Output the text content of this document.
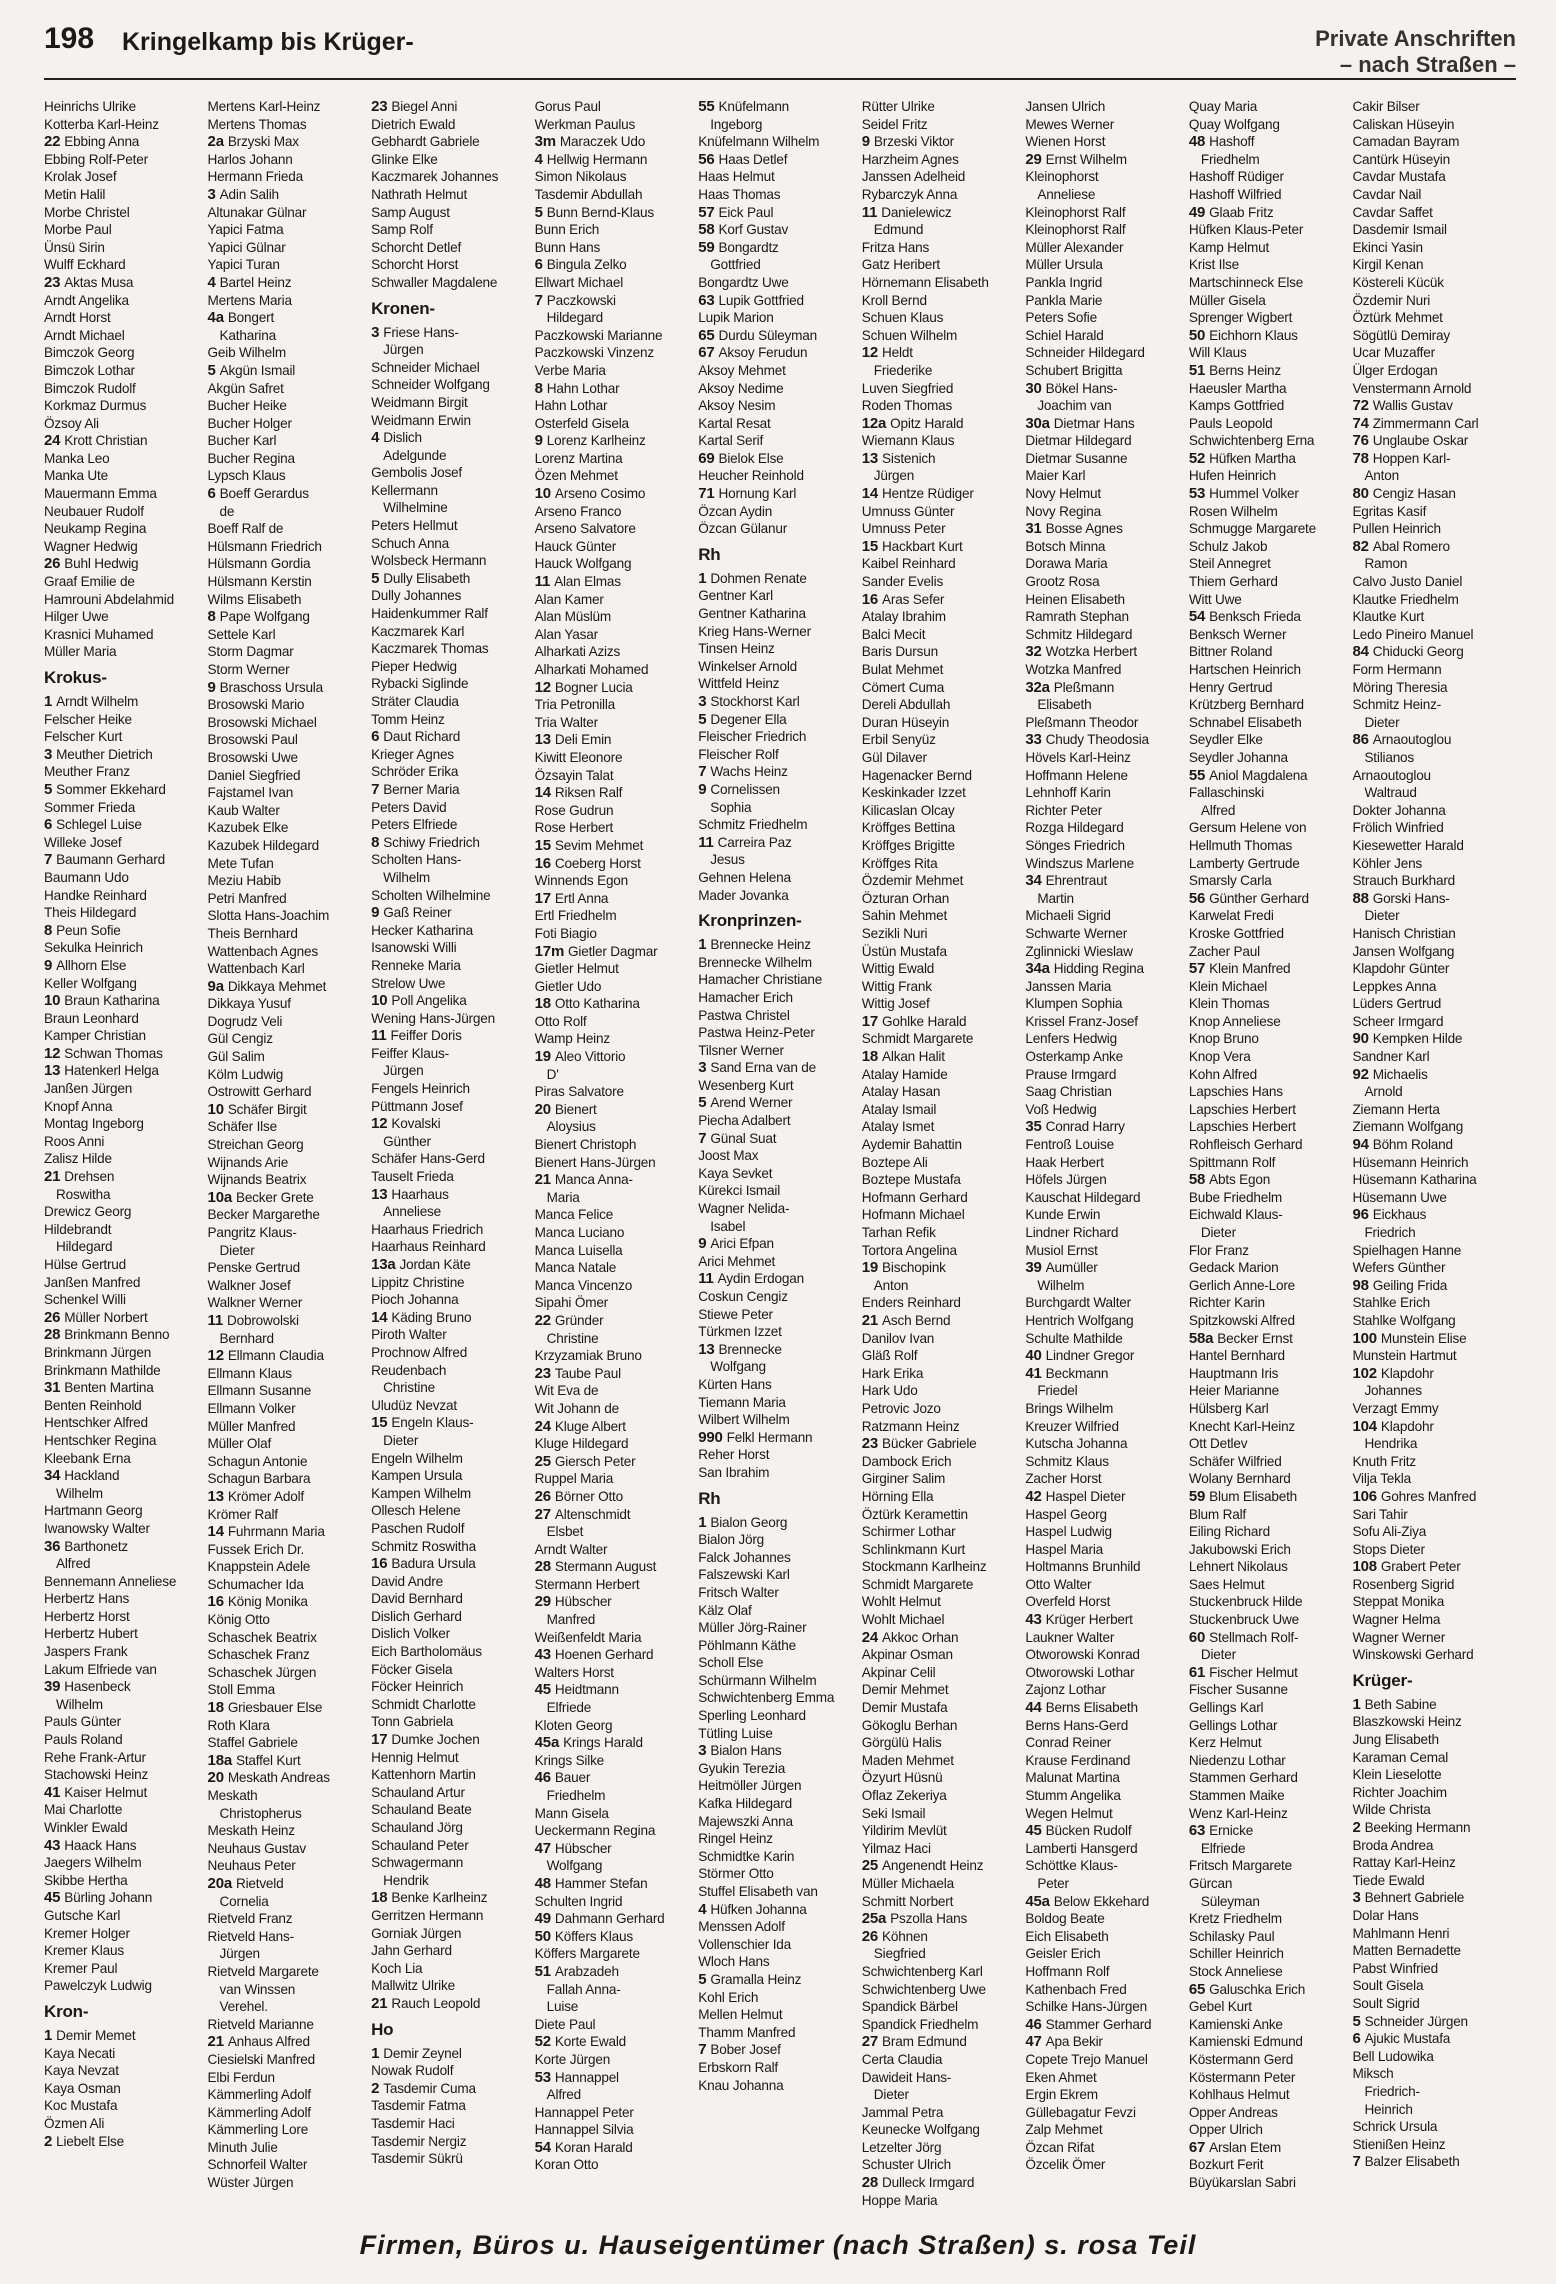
198 Kringelkamp bis Krüger-	Private Anschriften
– nach Straßen –
Heinrichs Ulrike
Kotterba Karl-Heinz
22 Ebbing Anna
Ebbing Rolf-Peter
Krolak Josef
Metin Halil
Morbe Christel
Morbe Paul
Ünsü Sirin
Wulff Eckhard
23 Aktas Musa
Arndt Angelika
Arndt Horst
Arndt Michael
Bimczok Georg
Bimczok Lothar
Bimczok Rudolf
Korkmaz Durmus
Özsoy Ali
24 Krott Christian
Manka Leo
Manka Ute
Mauermann Emma
Neubauer Rudolf
Neukamp Regina
Wagner Hedwig
26 Buhl Hedwig
Graaf Emilie de
Hamrouni Abdelahmid
Hilger Uwe
Krasnici Muhamed
Müller Maria
Krokus-
1 Arndt Wilhelm
Felscher Heike
Felscher Kurt
3 Meuther Dietrich
Meuther Franz
5 Sommer Ekkehard
Sommer Frieda
6 Schlegel Luise
Willeke Josef
7 Baumann Gerhard
Baumann Udo
Handke Reinhard
Theis Hildegard
8 Peun Sofie
Sekulka Heinrich
9 Allhorn Else
Keller Wolfgang
10 Braun Katharina
Braun Leonhard
Kamper Christian
12 Schwan Thomas
13 Hatenkerl Helga
Janßen Jürgen
Knopf Anna
Montag Ingeborg
Roos Anni
Zalisz Hilde
21 Drehsen
Roswitha
Drewicz Georg
Hildebrandt
Hildegard
Hülse Gertrud
Janßen Manfred
Schenkel Willi
26 Müller Norbert
28 Brinkmann Benno
Brinkmann Jürgen
Brinkmann Mathilde
31 Benten Martina
Benten Reinhold
Hentschker Alfred
Hentschker Regina
Kleebank Erna
34 Hackland
Wilhelm
Hartmann Georg
Iwanowsky Walter
36 Barthonetz
Alfred
Bennemann Anneliese
Herbertz Hans
Herbertz Horst
Herbertz Hubert
Jaspers Frank
Lakum Elfriede van
39 Hasenbeck
Wilhelm
Pauls Günter
Pauls Roland
Rehe Frank-Artur
Stachowski Heinz
41 Kaiser Helmut
Mai Charlotte
Winkler Ewald
43 Haack Hans
Jaegers Wilhelm
Skibbe Hertha
45 Bürling Johann
Gutsche Karl
Kremer Holger
Kremer Klaus
Kremer Paul
Pawelczyk Ludwig
Kron-
1 Demir Memet
Kaya Necati
Kaya Nevzat
Kaya Osman
Koc Mustafa
Özmen Ali
2 Liebelt Else
Mertens Karl-Heinz
Mertens Thomas
2a Brzyski Max
Harlos Johann
Hermann Frieda
3 Adin Salih
Altunakar Gülnar
Yapici Fatma
Yapici Gülnar
Yapici Turan
4 Bartel Heinz
Mertens Maria
4a Bongert
Katharina
Geib Wilhelm
5 Akgün Ismail
Akgün Safret
Bucher Heike
Bucher Holger
Bucher Karl
Bucher Regina
Lypsch Klaus
6 Boeff Gerardus
de
Boeff Ralf de
Hülsmann Friedrich
Hülsmann Gordia
Hülsmann Kerstin
Wilms Elisabeth
8 Pape Wolfgang
Settele Karl
Storm Dagmar
Storm Werner
9 Braschoss Ursula
Brosowski Mario
Brosowski Michael
Brosowski Paul
Brosowski Uwe
Daniel Siegfried
Fajstamel Ivan
Kaub Walter
Kazubek Elke
Kazubek Hildegard
Mete Tufan
Meziu Habib
Petri Manfred
Slotta Hans-Joachim
Theis Bernhard
Wattenbach Agnes
Wattenbach Karl
9a Dikkaya Mehmet
Dikkaya Yusuf
Dogrudz Veli
Gül Cengiz
Gül Salim
Kölm Ludwig
Ostrowitt Gerhard
10 Schäfer Birgit
Schäfer Ilse
Streichan Georg
Wijnands Arie
Wijnands Beatrix
10a Becker Grete
Becker Margarethe
Pangritz Klaus-
Dieter
Penske Gertrud
Walkner Josef
Walkner Werner
11 Dobrowolski
Bernhard
12 Ellmann Claudia
Ellmann Klaus
Ellmann Susanne
Ellmann Volker
Müller Manfred
Müller Olaf
Schagun Antonie
Schagun Barbara
13 Krömer Adolf
Krömer Ralf
14 Fuhrmann Maria
Fussek Erich Dr.
Knappstein Adele
Schumacher Ida
16 König Monika
König Otto
Schaschek Beatrix
Schaschek Franz
Schaschek Jürgen
Stoll Emma
18 Griesbauer Else
Roth Klara
Staffel Gabriele
18a Staffel Kurt
20 Meskath Andreas
Meskath
Christopherus
Meskath Heinz
Neuhaus Gustav
Neuhaus Peter
20a Rietveld
Cornelia
Rietveld Franz
Rietveld Hans-
Jürgen
Rietveld Margarete
van Winssen
Verehel.
Rietveld Marianne
21 Anhaus Alfred
Ciesielski Manfred
Elbi Ferdun
Kämmerling Adolf
Kämmerling Adolf
Kämmerling Lore
Minuth Julie
Schnorfeil Walter
Wüster Jürgen
23 Biegel Anni
Dietrich Ewald
Gebhardt Gabriele
Glinke Elke
Kaczmarek Johannes
Nathrath Helmut
Samp August
Samp Rolf
Schorcht Detlef
Schorcht Horst
Schwaller Magdalene
Kronen-
3 Friese Hans-
Jürgen
Schneider Michael
Schneider Wolfgang
Weidmann Birgit
Weidmann Erwin
4 Dislich
Adelgunde
Gembolis Josef
Kellermann
Wilhelmine
Peters Hellmut
Schuch Anna
Wolsbeck Hermann
5 Dully Elisabeth
Dully Johannes
Haidenkummer Ralf
Kaczmarek Karl
Kaczmarek Thomas
Pieper Hedwig
Rybacki Siglinde
Sträter Claudia
Tomm Heinz
6 Daut Richard
Krieger Agnes
Schröder Erika
7 Berner Maria
Peters David
Peters Elfriede
8 Schiwy Friedrich
Scholten Hans-
Wilhelm
Scholten Wilhelmine
9 Gaß Reiner
Hecker Katharina
Isanowski Willi
Renneke Maria
Strelow Uwe
10 Poll Angelika
Wening Hans-Jürgen
11 Feiffer Doris
Feiffer Klaus-
Jürgen
Fengels Heinrich
Püttmann Josef
12 Kovalski
Günther
Schäfer Hans-Gerd
Tauselt Frieda
13 Haarhaus
Anneliese
Haarhaus Friedrich
Haarhaus Reinhard
13a Jordan Käte
Lippitz Christine
Pioch Johanna
14 Käding Bruno
Piroth Walter
Prochnow Alfred
Reudenbach
Christine
Uludüz Nevzat
15 Engeln Klaus-
Dieter
Engeln Wilhelm
Kampen Ursula
Kampen Wilhelm
Ollesch Helene
Paschen Rudolf
Schmitz Roswitha
16 Badura Ursula
David Andre
David Bernhard
Dislich Gerhard
Dislich Volker
Eich Bartholomäus
Föcker Gisela
Föcker Heinrich
Schmidt Charlotte
Tonn Gabriela
17 Dumke Jochen
Hennig Helmut
Kattenhorn Martin
Schauland Artur
Schauland Beate
Schauland Jörg
Schauland Peter
Schwagermann
Hendrik
18 Benke Karlheinz
Gerritzen Hermann
Gorniak Jürgen
Jahn Gerhard
Koch Lia
Mallwitz Ulrike
21 Rauch Leopold
Ho
1 Demir Zeynel
Nowak Rudolf
2 Tasdemir Cuma
Tasdemir Fatma
Tasdemir Haci
Tasdemir Nergiz
Tasdemir Sükrü
Gorus Paul
Werkman Paulus
3m Maraczek Udo
4 Hellwig Hermann
Simon Nikolaus
Tasdemir Abdullah
5 Bunn Bernd-Klaus
Bunn Erich
Bunn Hans
6 Bingula Zelko
Ellwart Michael
7 Paczkowski
Hildegard
Paczkowski Marianne
Paczkowski Vinzenz
Verbe Maria
8 Hahn Lothar
Hahn Lothar
Osterfeld Gisela
9 Lorenz Karlheinz
Lorenz Martina
Özen Mehmet
10 Arseno Cosimo
Arseno Franco
Arseno Salvatore
Hauck Günter
Hauck Wolfgang
11 Alan Elmas
Alan Kamer
Alan Müslüm
Alan Yasar
Alharkati Azizs
Alharkati Mohamed
12 Bogner Lucia
Tria Petronilla
Tria Walter
13 Deli Emin
Kiwitt Eleonore
Özsayin Talat
14 Riksen Ralf
Rose Gudrun
Rose Herbert
15 Sevim Mehmet
16 Coeberg Horst
Winnends Egon
17 Ertl Anna
Ertl Friedhelm
Foti Biagio
17m Gietler Dagmar
Gietler Helmut
Gietler Udo
18 Otto Katharina
Otto Rolf
Wamp Heinz
19 Aleo Vittorio
D'
Piras Salvatore
20 Bienert
Aloysius
Bienert Christoph
Bienert Hans-Jürgen
21 Manca Anna-
Maria
Manca Felice
Manca Luciano
Manca Luisella
Manca Natale
Manca Vincenzo
Sipahi Ömer
22 Gründer
Christine
Krzyzamiak Bruno
23 Taube Paul
Wit Eva de
Wit Johann de
24 Kluge Albert
Kluge Hildegard
25 Giersch Peter
Ruppel Maria
26 Börner Otto
27 Altenschmidt
Elsbet
Arndt Walter
28 Stermann August
Stermann Herbert
29 Hübscher
Manfred
Weißenfeldt Maria
43 Hoenen Gerhard
Walters Horst
45 Heidtmann
Elfriede
Kloten Georg
45a Krings Harald
Krings Silke
46 Bauer
Friedhelm
Mann Gisela
Ueckermann Regina
47 Hübscher
Wolfgang
48 Hammer Stefan
Schulten Ingrid
49 Dahmann Gerhard
50 Köffers Klaus
Köffers Margarete
51 Arabzadeh
Fallah Anna-
Luise
Diete Paul
52 Korte Ewald
Korte Jürgen
53 Hannappel
Alfred
Hannappel Peter
Hannappel Silvia
54 Koran Harald
Koran Otto
55 Knüfelmann
Ingeborg
Knüfelmann Wilhelm
56 Haas Detlef
Haas Helmut
Haas Thomas
57 Eick Paul
58 Korf Gustav
59 Bongardtz
Gottfried
Bongardtz Uwe
63 Lupik Gottfried
Lupik Marion
65 Durdu Süleyman
67 Aksoy Ferudun
Aksoy Mehmet
Aksoy Nedime
Aksoy Nesim
Kartal Resat
Kartal Serif
69 Bielok Else
Heucher Reinhold
71 Hornung Karl
Özcan Aydin
Özcan Gülanur
Rh
1 Dohmen Renate
Gentner Karl
Gentner Katharina
Krieg Hans-Werner
Tinsen Heinz
Winkelser Arnold
Wittfeld Heinz
3 Stockhorst Karl
5 Degener Ella
Fleischer Friedrich
Fleischer Rolf
7 Wachs Heinz
9 Cornelissen
Sophia
Schmitz Friedhelm
11 Carreira Paz
Jesus
Gehnen Helena
Mader Jovanka
Kronprinzen-
1 Brennecke Heinz
Brennecke Wilhelm
Hamacher Christiane
Hamacher Erich
Pastwa Christel
Pastwa Heinz-Peter
Tilsner Werner
3 Sand Erna van de
Wesenberg Kurt
5 Arend Werner
Piecha Adalbert
7 Günal Suat
Joost Max
Kaya Sevket
Kürekci Ismail
Wagner Nelida-
Isabel
9 Arici Efpan
Arici Mehmet
11 Aydin Erdogan
Coskun Cengiz
Stiewe Peter
Türkmen Izzet
13 Brennecke
Wolfgang
Kürten Hans
Tiemann Maria
Wilbert Wilhelm
990 Felkl Hermann
Reher Horst
San Ibrahim
Rh
1 Bialon Georg
Bialon Jörg
Falck Johannes
Falszewski Karl
Fritsch Walter
Kälz Olaf
Müller Jörg-Rainer
Pöhlmann Käthe
Scholl Else
Schürmann Wilhelm
Schwichtenberg Emma
Sperling Leonhard
Tütling Luise
3 Bialon Hans
Gyukin Terezia
Heitmöller Jürgen
Kafka Hildegard
Majewszki Anna
Ringel Heinz
Schmidtke Karin
Störmer Otto
Stuffel Elisabeth van
4 Hüfken Johanna
Menssen Adolf
Vollenschier Ida
Wloch Hans
5 Gramalla Heinz
Kohl Erich
Mellen Helmut
Thamm Manfred
7 Bober Josef
Erbskorn Ralf
Knau Johanna
Rütter Ulrike
Seidel Fritz
9 Brzeski Viktor
Harzheim Agnes
Janssen Adelheid
Rybarczyk Anna
11 Danielewicz
Edmund
Fritza Hans
Gatz Heribert
Hörnemann Elisabeth
Kroll Bernd
Schuen Klaus
Schuen Wilhelm
12 Heldt
Friederike
Luven Siegfried
Roden Thomas
12a Opitz Harald
Wiemann Klaus
13 Sistenich
Jürgen
14 Hentze Rüdiger
Umnuss Günter
Umnuss Peter
15 Hackbart Kurt
Kaibel Reinhard
Sander Evelis
16 Aras Sefer
Atalay Ibrahim
Balci Mecit
Baris Dursun
Bulat Mehmet
Cömert Cuma
Dereli Abdullah
Duran Hüseyin
Erbil Senyüz
Gül Dilaver
Hagenacker Bernd
Keskinkader Izzet
Kilicaslan Olcay
Kröffges Bettina
Kröffges Brigitte
Kröffges Rita
Özdemir Mehmet
Özturan Orhan
Sahin Mehmet
Sezikli Nuri
Üstün Mustafa
Wittig Ewald
Wittig Frank
Wittig Josef
17 Gohlke Harald
Schmidt Margarete
18 Alkan Halit
Atalay Hamide
Atalay Hasan
Atalay Ismail
Atalay Ismet
Aydemir Bahattin
Boztepe Ali
Boztepe Mustafa
Hofmann Gerhard
Hofmann Michael
Tarhan Refik
Tortora Angelina
19 Bischopink
Anton
Enders Reinhard
21 Asch Bernd
Danilov Ivan
Gläß Rolf
Hark Erika
Hark Udo
Petrovic Jozo
Ratzmann Heinz
23 Bücker Gabriele
Dambock Erich
Girginer Salim
Hörning Ella
Öztürk Keramettin
Schirmer Lothar
Schlinkmann Kurt
Stockmann Karlheinz
Schmidt Margarete
Wohlt Helmut
Wohlt Michael
24 Akkoc Orhan
Akpinar Osman
Akpinar Celil
Demir Mehmet
Demir Mustafa
Gökoglu Berhan
Görgülü Halis
Maden Mehmet
Özyurt Hüsnü
Oflaz Zekeriya
Seki Ismail
Yildirim Mevlüt
Yilmaz Haci
25 Angenendt Heinz
Müller Michaela
Schmitt Norbert
25a Pszolla Hans
26 Köhnen
Siegfried
Schwichtenberg Karl
Schwichtenberg Uwe
Spandick Bärbel
Spandick Friedhelm
27 Bram Edmund
Certa Claudia
Dawideit Hans-
Dieter
Jammal Petra
Keunecke Wolfgang
Letzelter Jörg
Schuster Ulrich
28 Dulleck Irmgard
Hoppe Maria
Jansen Ulrich
Mewes Werner
Wienen Horst
29 Ernst Wilhelm
Kleinophorst
Anneliese
Kleinophorst Ralf
Kleinophorst Ralf
Müller Alexander
Müller Ursula
Pankla Ingrid
Pankla Marie
Peters Sofie
Schiel Harald
Schneider Hildegard
Schubert Brigitta
30 Bökel Hans-
Joachim van
30a Dietmar Hans
Dietmar Hildegard
Dietmar Susanne
Maier Karl
Novy Helmut
Novy Regina
31 Bosse Agnes
Botsch Minna
Dorawa Maria
Grootz Rosa
Heinen Elisabeth
Ramrath Stephan
Schmitz Hildegard
32 Wotzka Herbert
Wotzka Manfred
32a Pleßmann
Elisabeth
Pleßmann Theodor
33 Chudy Theodosia
Hövels Karl-Heinz
Hoffmann Helene
Lehnhoff Karin
Richter Peter
Rozga Hildegard
Sönges Friedrich
Windszus Marlene
34 Ehrentraut
Martin
Michaeli Sigrid
Schwarte Werner
Zglinnicki Wieslaw
34a Hidding Regina
Janssen Maria
Klumpen Sophia
Krissel Franz-Josef
Lenfers Hedwig
Osterkamp Anke
Prause Irmgard
Saag Christian
Voß Hedwig
35 Conrad Harry
Fentroß Louise
Haak Herbert
Höfels Jürgen
Kauschat Hildegard
Kunde Erwin
Lindner Richard
Musiol Ernst
39 Aumüller
Wilhelm
Burchgardt Walter
Hentrich Wolfgang
Schulte Mathilde
40 Lindner Gregor
41 Beckmann
Friedel
Brings Wilhelm
Kreuzer Wilfried
Kutscha Johanna
Schmitz Klaus
Zacher Horst
42 Haspel Dieter
Haspel Georg
Haspel Ludwig
Haspel Maria
Holtmanns Brunhild
Otto Walter
Overfeld Horst
43 Krüger Herbert
Laukner Walter
Otworowski Konrad
Otworowski Lothar
Zajonz Lothar
44 Berns Elisabeth
Berns Hans-Gerd
Conrad Reiner
Krause Ferdinand
Malunat Martina
Stumm Angelika
Wegen Helmut
45 Bücken Rudolf
Lamberti Hansgerd
Schöttke Klaus-
Peter
45a Below Ekkehard
Boldog Beate
Eich Elisabeth
Geisler Erich
Hoffmann Rolf
Kathenbach Fred
Schilke Hans-Jürgen
46 Stammer Gerhard
47 Apa Bekir
Copete Trejo Manuel
Eken Ahmet
Ergin Ekrem
Güllebagatur Fevzi
Zalp Mehmet
Özcan Rifat
Özcelik Ömer
Quay Maria
Quay Wolfgang
48 Hashoff
Friedhelm
Hashoff Rüdiger
Hashoff Wilfried
49 Glaab Fritz
Hüfken Klaus-Peter
Kamp Helmut
Krist Ilse
Martschinneck Else
Müller Gisela
Sprenger Wigbert
50 Eichhorn Klaus
Will Klaus
51 Berns Heinz
Haeusler Martha
Kamps Gottfried
Pauls Leopold
Schwichtenberg Erna
52 Hüfken Martha
Hufen Heinrich
53 Hummel Volker
Rosen Wilhelm
Schmugge Margarete
Schulz Jakob
Steil Annegret
Thiem Gerhard
Witt Uwe
54 Benksch Frieda
Benksch Werner
Bittner Roland
Hartschen Heinrich
Henry Gertrud
Krützberg Bernhard
Schnabel Elisabeth
Seydler Elke
Seydler Johanna
55 Aniol Magdalena
Fallaschinski
Alfred
Gersum Helene von
Hellmuth Thomas
Lamberty Gertrude
Smarsly Carla
56 Günther Gerhard
Karwelat Fredi
Kroske Gottfried
Zacher Paul
57 Klein Manfred
Klein Michael
Klein Thomas
Knop Anneliese
Knop Bruno
Knop Vera
Kohn Alfred
Lapschies Hans
Lapschies Herbert
Lapschies Herbert
Rohfleisch Gerhard
Spittmann Rolf
58 Abts Egon
Bube Friedhelm
Eichwald Klaus-
Dieter
Flor Franz
Gedack Marion
Gerlich Anne-Lore
Richter Karin
Spitzkowski Alfred
58a Becker Ernst
Hantel Bernhard
Hauptmann Iris
Heier Marianne
Hülsberg Karl
Knecht Karl-Heinz
Ott Detlev
Schäfer Wilfried
Wolany Bernhard
59 Blum Elisabeth
Blum Ralf
Eiling Richard
Jakubowski Erich
Lehnert Nikolaus
Saes Helmut
Stuckenbruck Hilde
Stuckenbruck Uwe
60 Stellmach Rolf-
Dieter
61 Fischer Helmut
Fischer Susanne
Gellings Karl
Gellings Lothar
Kerz Helmut
Niedenzu Lothar
Stammen Gerhard
Stammen Maike
Wenz Karl-Heinz
63 Ernicke
Elfriede
Fritsch Margarete
Gürcan
Süleyman
Kretz Friedhelm
Schilasky Paul
Schiller Heinrich
Stock Anneliese
65 Galuschka Erich
Gebel Kurt
Kamienski Anke
Kamienski Edmund
Köstermann Gerd
Köstermann Peter
Kohlhaus Helmut
Opper Andreas
Opper Ulrich
67 Arslan Etem
Bozkurt Ferit
Büyükarslan Sabri
Cakir Bilser
Caliskan Hüseyin
Camadan Bayram
Cantürk Hüseyin
Cavdar Mustafa
Cavdar Nail
Cavdar Saffet
Dasdemir Ismail
Ekinci Yasin
Kirgil Kenan
Köstereli Kücük
Özdemir Nuri
Öztürk Mehmet
Sögütlü Demiray
Ucar Muzaffer
Ülger Erdogan
Venstermann Arnold
72 Wallis Gustav
74 Zimmermann Carl
76 Unglaube Oskar
78 Hoppen Karl-
Anton
80 Cengiz Hasan
Egritas Kasif
Pullen Heinrich
82 Abal Romero
Ramon
Calvo Justo Daniel
Klautke Friedhelm
Klautke Kurt
Ledo Pineiro Manuel
84 Chiducki Georg
Form Hermann
Möring Theresia
Schmitz Heinz-
Dieter
86 Arnaoutoglou
Stilianos
Arnaoutoglou
Waltraud
Dokter Johanna
Frölich Winfried
Kiesewetter Harald
Köhler Jens
Strauch Burkhard
88 Gorski Hans-
Dieter
Hanisch Christian
Jansen Wolfgang
Klapdohr Günter
Leppkes Anna
Lüders Gertrud
Scheer Irmgard
90 Kempken Hilde
Sandner Karl
92 Michaelis
Arnold
Ziemann Herta
Ziemann Wolfgang
94 Böhm Roland
Hüsemann Heinrich
Hüsemann Katharina
Hüsemann Uwe
96 Eickhaus
Friedrich
Spielhagen Hanne
Wefers Günther
98 Geiling Frida
Stahlke Erich
Stahlke Wolfgang
100 Munstein Elise
Munstein Hartmut
102 Klapdohr
Johannes
Verzagt Emmy
104 Klapdohr
Hendrika
Knuth Fritz
Vilja Tekla
106 Gohres Manfred
Sari Tahir
Sofu Ali-Ziya
Stops Dieter
108 Grabert Peter
Rosenberg Sigrid
Steppat Monika
Wagner Helma
Wagner Werner
Winskowski Gerhard
Krüger-
1 Beth Sabine
Blaszkowski Heinz
Jung Elisabeth
Karaman Cemal
Klein Lieselotte
Richter Joachim
Wilde Christa
2 Beeking Hermann
Broda Andrea
Rattay Karl-Heinz
Tiede Ewald
3 Behnert Gabriele
Dolar Hans
Mahlmann Henri
Matten Bernadette
Pabst Winfried
Soult Gisela
Soult Sigrid
5 Schneider Jürgen
6 Ajukic Mustafa
Bell Ludowika
Miksch
Friedrich-
Heinrich
Schrick Ursula
Stienißen Heinz
7 Balzer Elisabeth
Firmen, Büros u. Hauseigentümer (nach Straßen) s. rosa Teil
